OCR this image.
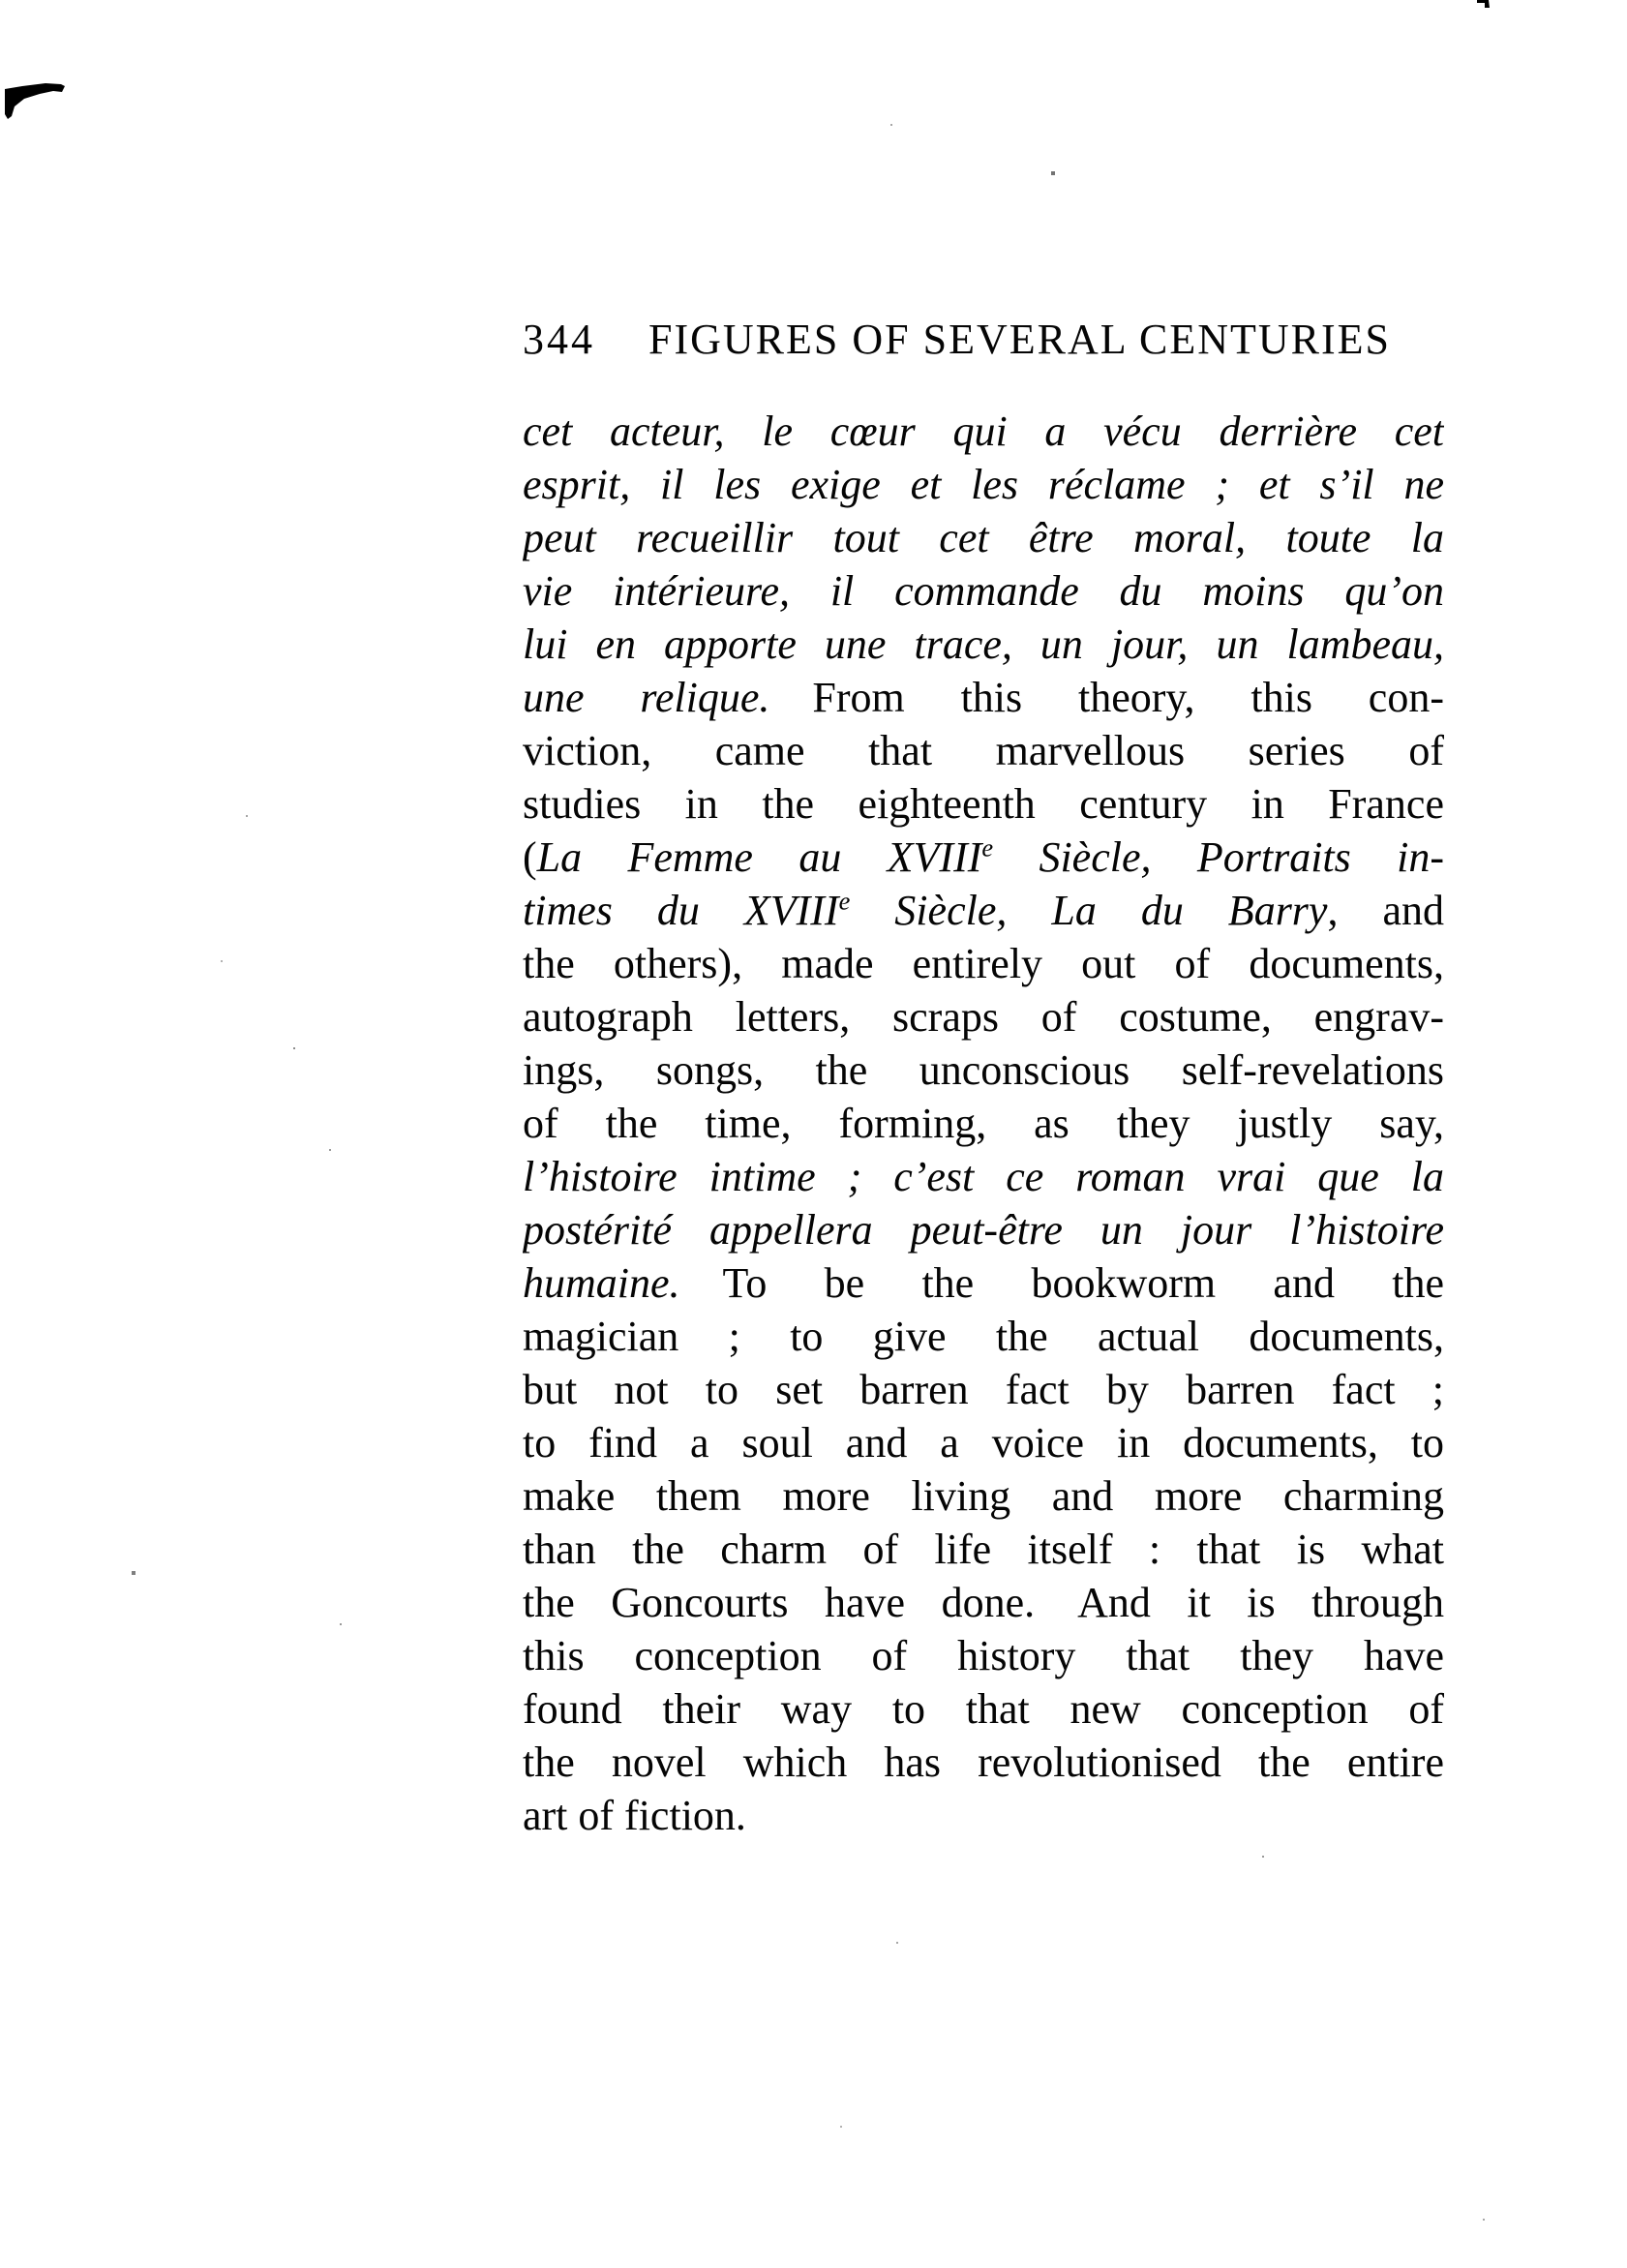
344	FIGURES OF SEVERAL CENTURIES
cet acteur, le cœur qui a vécu derrière cet
esprit, il les exige et les réclame ; et s’il ne
peut recueillir tout cet être moral, toute la
vie intérieure, il commande du moins qu’on
lui en apporte une trace, un jour, un lambeau,
une relique. From this theory, this con-
viction, came that marvellous series of
studies in the eighteenth century in France
(La Femme au XVIIIe Siècle, Portraits in-
times du XVIIIe Siècle, La du Barry, and
the others), made entirely out of documents,
autograph letters, scraps of costume, engrav-
ings, songs, the unconscious self-revelations
of the time, forming, as they justly say,
l’histoire intime ; c’est ce roman vrai que la
postérité appellera peut-être un jour l’histoire
humaine. To be the bookworm and the
magician ; to give the actual documents,
but not to set barren fact by barren fact ;
to find a soul and a voice in documents, to
make them more living and more charming
than the charm of life itself : that is what
the Goncourts have done. And it is through
this conception of history that they have
found their way to that new conception of
the novel which has revolutionised the entire
art of fiction.
